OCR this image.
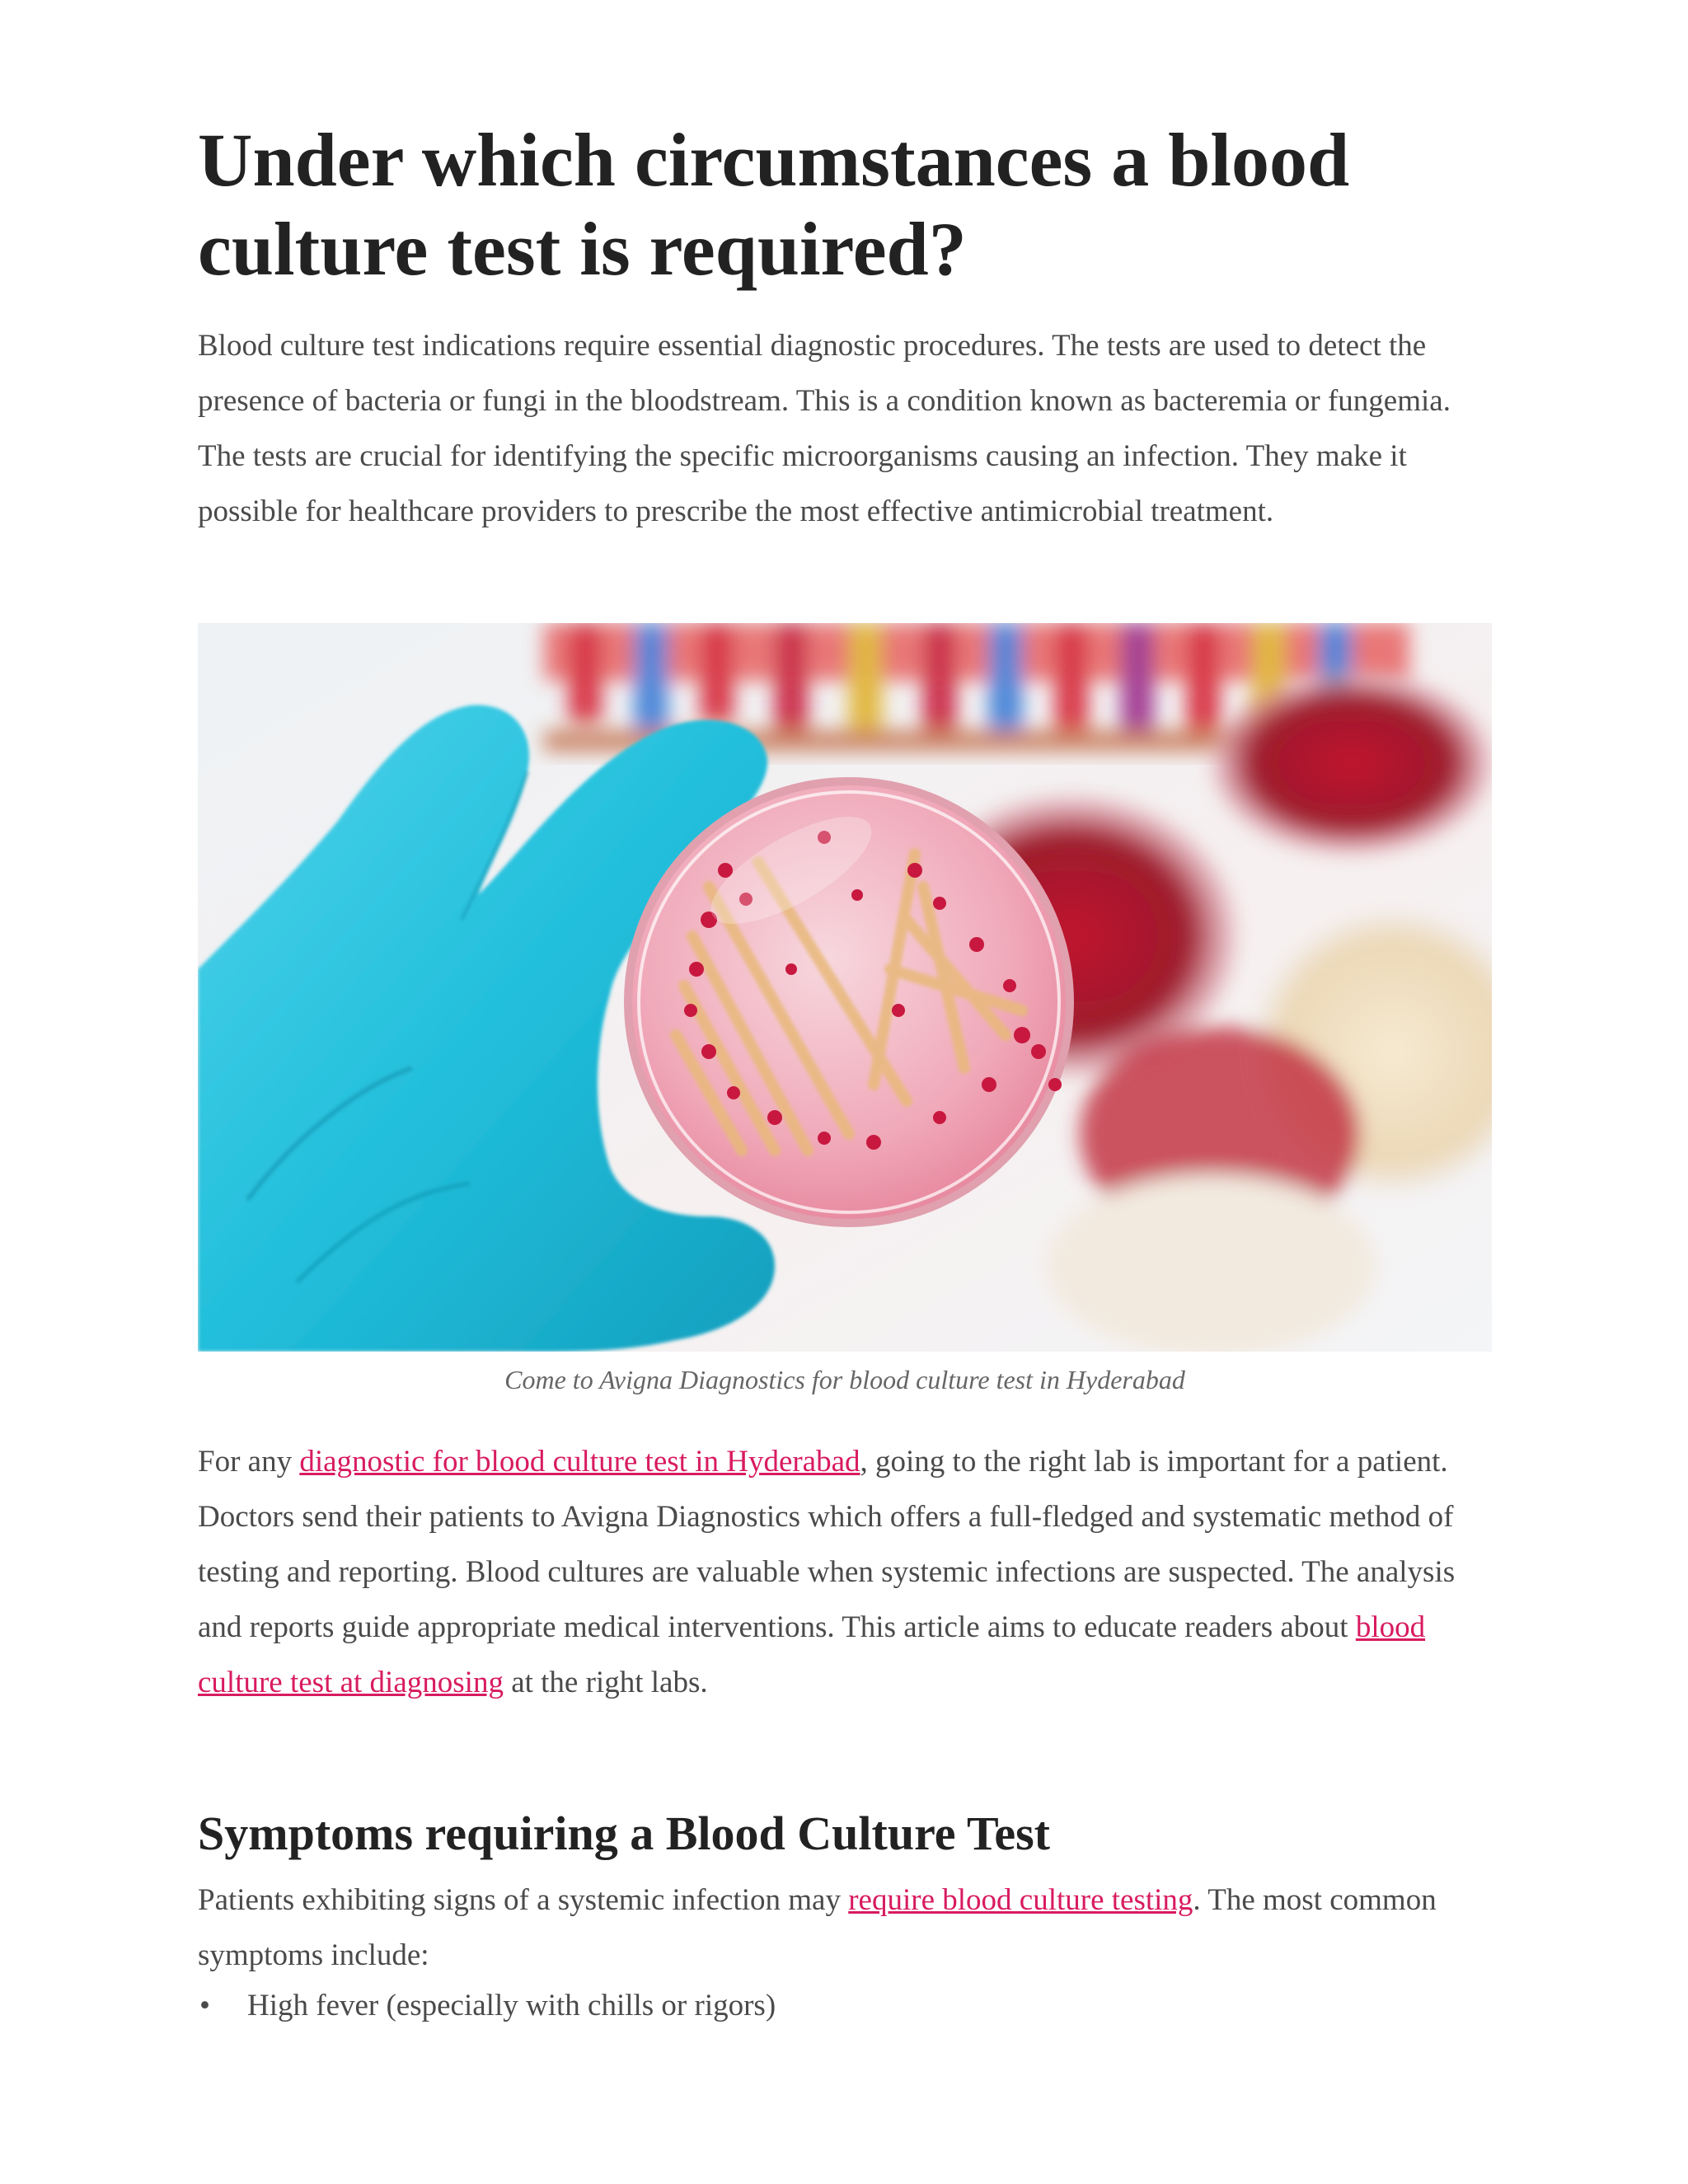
Under which circumstances a blood culture test is required?

Blood culture test indications require essential diagnostic procedures. The tests are used to detect the presence of bacteria or fungi in the bloodstream. This is a condition known as bacteremia or fungemia. The tests are crucial for identifying the specific microorganisms causing an infection. They make it possible for healthcare providers to prescribe the most effective antimicrobial treatment.

Come to Avigna Diagnostics for blood culture test in Hyderabad

For any diagnostic for blood culture test in Hyderabad, going to the right lab is important for a patient. Doctors send their patients to Avigna Diagnostics which offers a full-fledged and systematic method of testing and reporting. Blood cultures are valuable when systemic infections are suspected. The analysis and reports guide appropriate medical interventions. This article aims to educate readers about blood culture test at diagnosing at the right labs.

Symptoms requiring a Blood Culture Test

Patients exhibiting signs of a systemic infection may require blood culture testing. The most common symptoms include:

• High fever (especially with chills or rigors)
